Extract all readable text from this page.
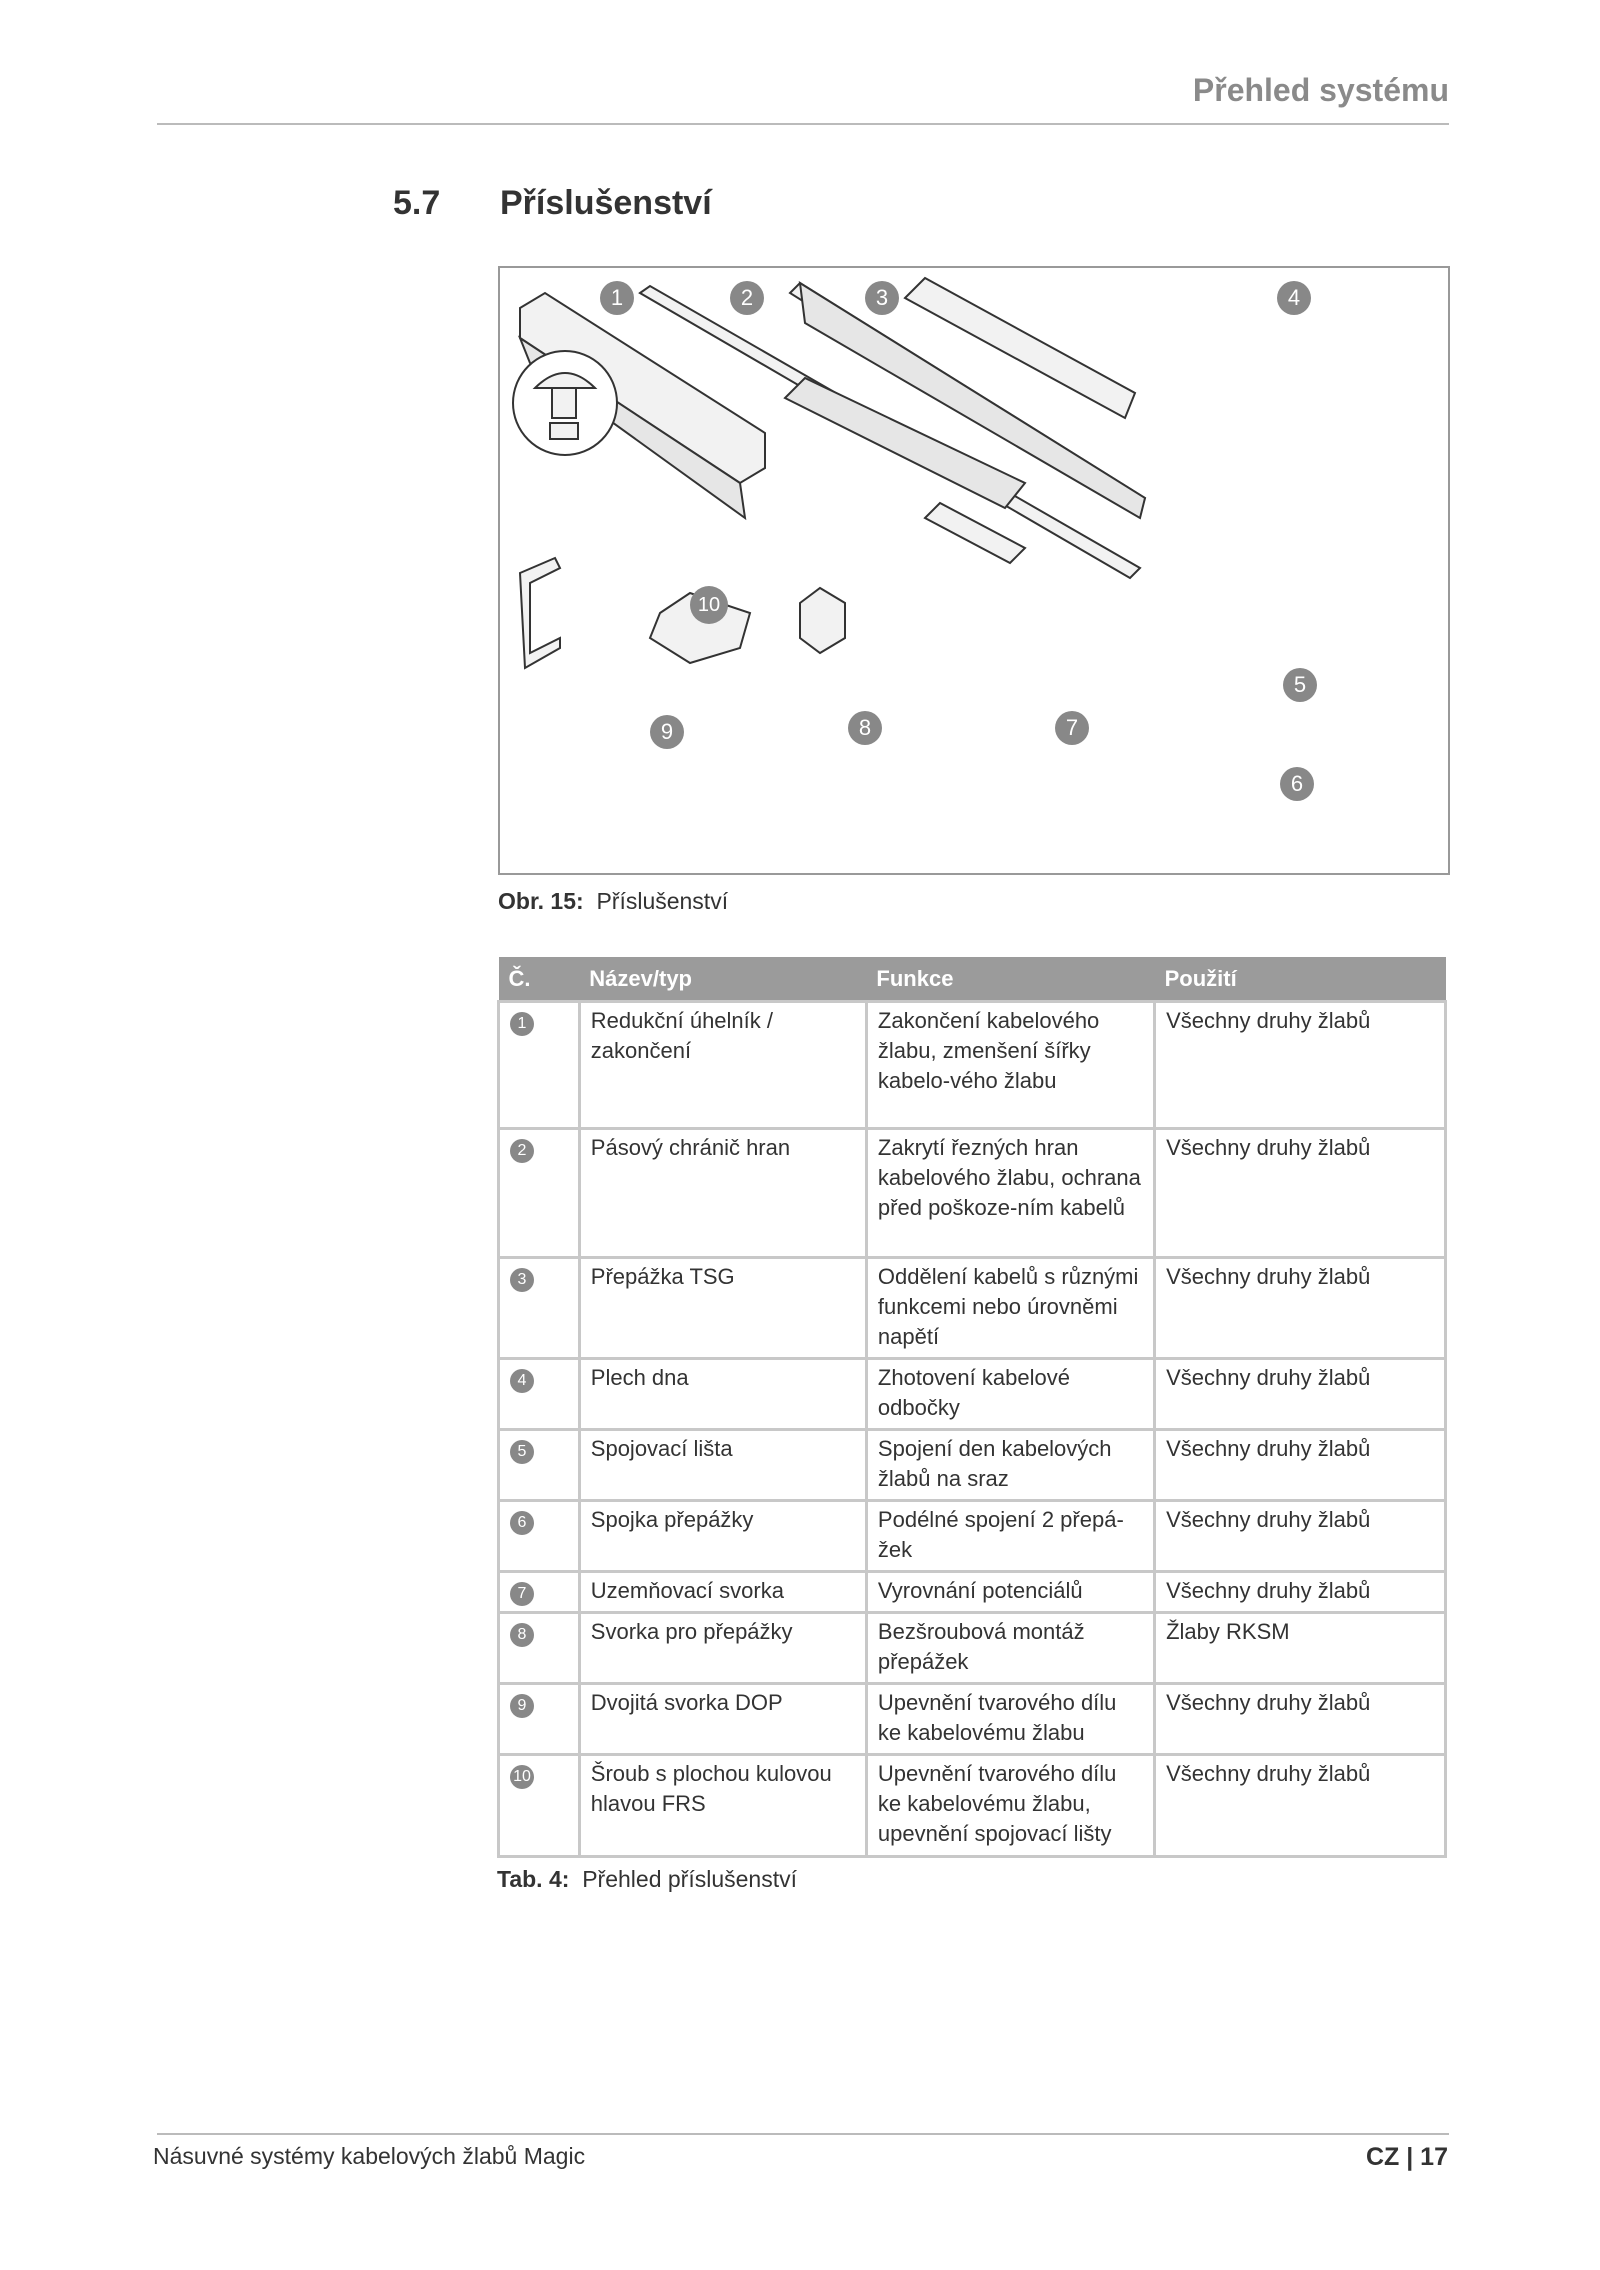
Přehled systému
5.7 Příslušenství
1	2	3	4
5
6
7
8
9
10
Obr. 15: Příslušenství
Č.	Název/typ	Funkce	Použití
1	Redukční úhelník / zakončení	Zakončení kabelového žlabu, zmenšení šířky kabelo-vého žlabu	Všechny druhy žlabů
2	Pásový chránič hran	Zakrytí řezných hran kabelového žlabu, ochrana před poškoze-ním kabelů	Všechny druhy žlabů
3	Přepážka TSG	Oddělení kabelů s různými funkcemi nebo úrovněmi napětí	Všechny druhy žlabů
4	Plech dna	Zhotovení kabelové odbočky	Všechny druhy žlabů
5	Spojovací lišta	Spojení den kabelových žlabů na sraz	Všechny druhy žlabů
6	Spojka přepážky	Podélné spojení 2 přepá-žek	Všechny druhy žlabů
7	Uzemňovací svorka	Vyrovnání potenciálů	Všechny druhy žlabů
8	Svorka pro přepážky	Bezšroubová montáž přepážek	Žlaby RKSM
9	Dvojitá svorka DOP	Upevnění tvarového dílu ke kabelovému žlabu	Všechny druhy žlabů
10	Šroub s plochou kulovou hlavou FRS	Upevnění tvarového dílu ke kabelovému žlabu, upevnění spojovací lišty	Všechny druhy žlabů
Tab. 4: Přehled příslušenství
Násuvné systémy kabelových žlabů Magic	CZ | 17
